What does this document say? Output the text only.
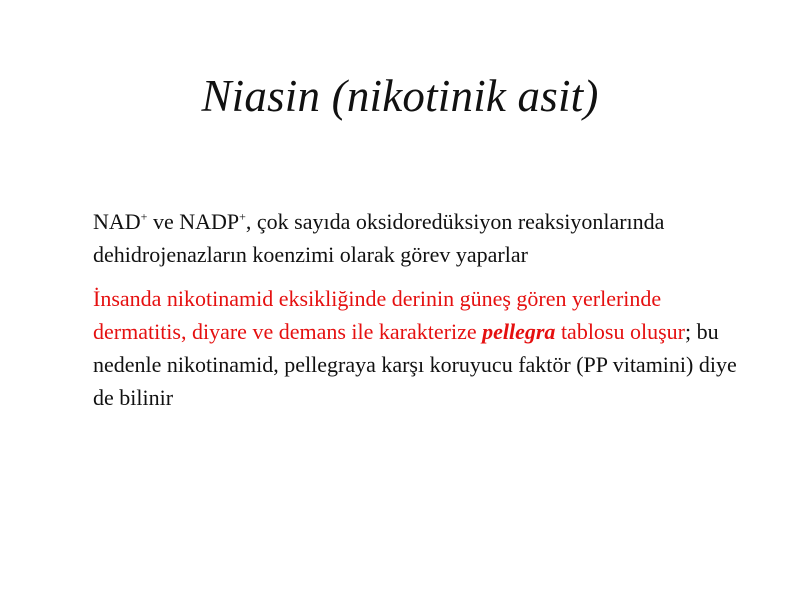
Niasin (nikotinik asit)

NAD+ ve NADP+, çok sayıda oksidoredüksiyon reaksiyonlarında dehidrojenazların koenzimi olarak görev yaparlar

İnsanda nikotinamid eksikliğinde derinin güneş gören yerlerinde dermatitis, diyare ve demans ile karakterize pellegra tablosu oluşur; bu nedenle nikotinamid, pellegraya karşı koruyucu faktör (PP vitamini) diye de bilinir
